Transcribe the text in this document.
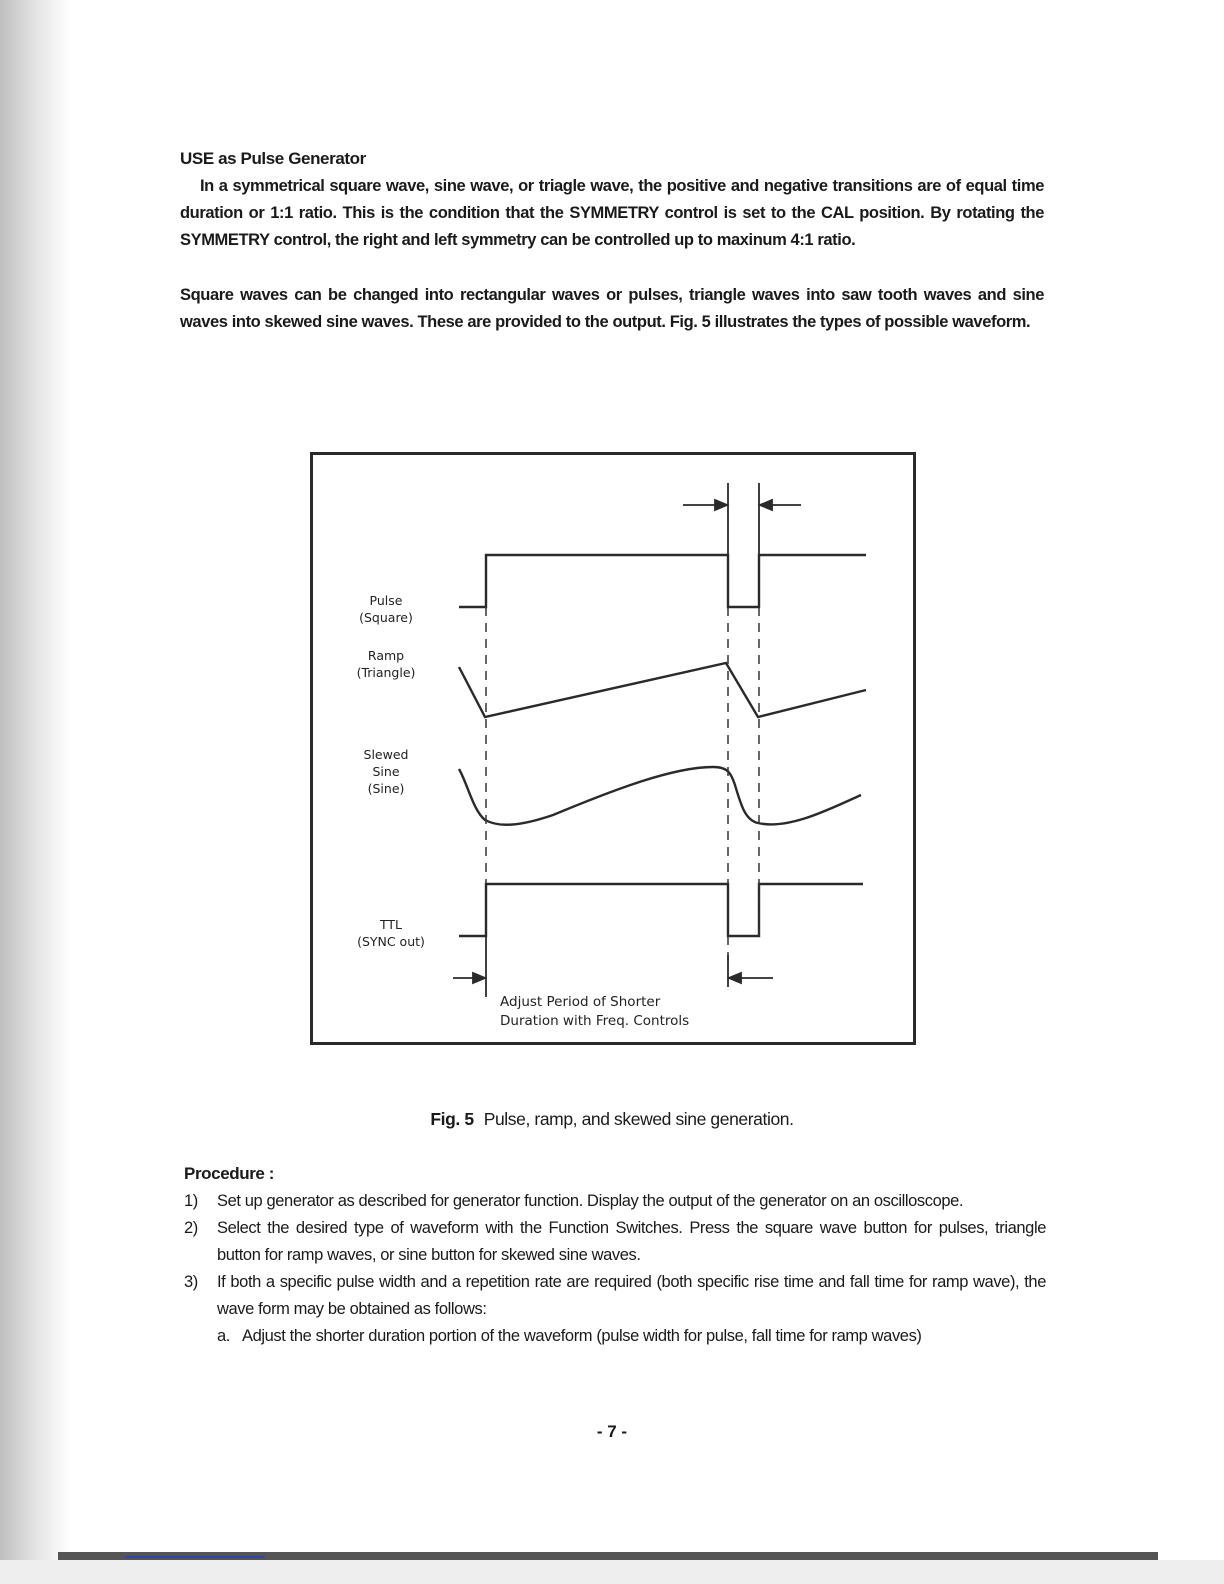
USE as Pulse Generator
In a symmetrical square wave, sine wave, or triagle wave, the positive and negative transitions are of equal time duration or 1:1 ratio. This is the condition that the SYMMETRY control is set to the CAL position. By rotating the SYMMETRY control, the right and left symmetry can be controlled up to maxinum 4:1 ratio.
Square waves can be changed into rectangular waves or pulses, triangle waves into saw tooth waves and sine waves into skewed sine waves. These are provided to the output. Fig. 5 illustrates the types of possible waveform.
Pulse
(Square)
Ramp
(Triangle)
Slewed
Sine
(Sine)
TTL
(SYNC out)
Adjust Period of Shorter
Duration with Freq. Controls
Fig. 5 Pulse, ramp, and skewed sine generation.
Procedure :
1) Set up generator as described for generator function. Display the output of the generator on an oscilloscope.
2) Select the desired type of waveform with the Function Switches. Press the square wave button for pulses, triangle button for ramp waves, or sine button for skewed sine waves.
3) If both a specific pulse width and a repetition rate are required (both specific rise time and fall time for ramp wave), the wave form may be obtained as follows:
a. Adjust the shorter duration portion of the waveform (pulse width for pulse, fall time for ramp waves)
- 7 -
